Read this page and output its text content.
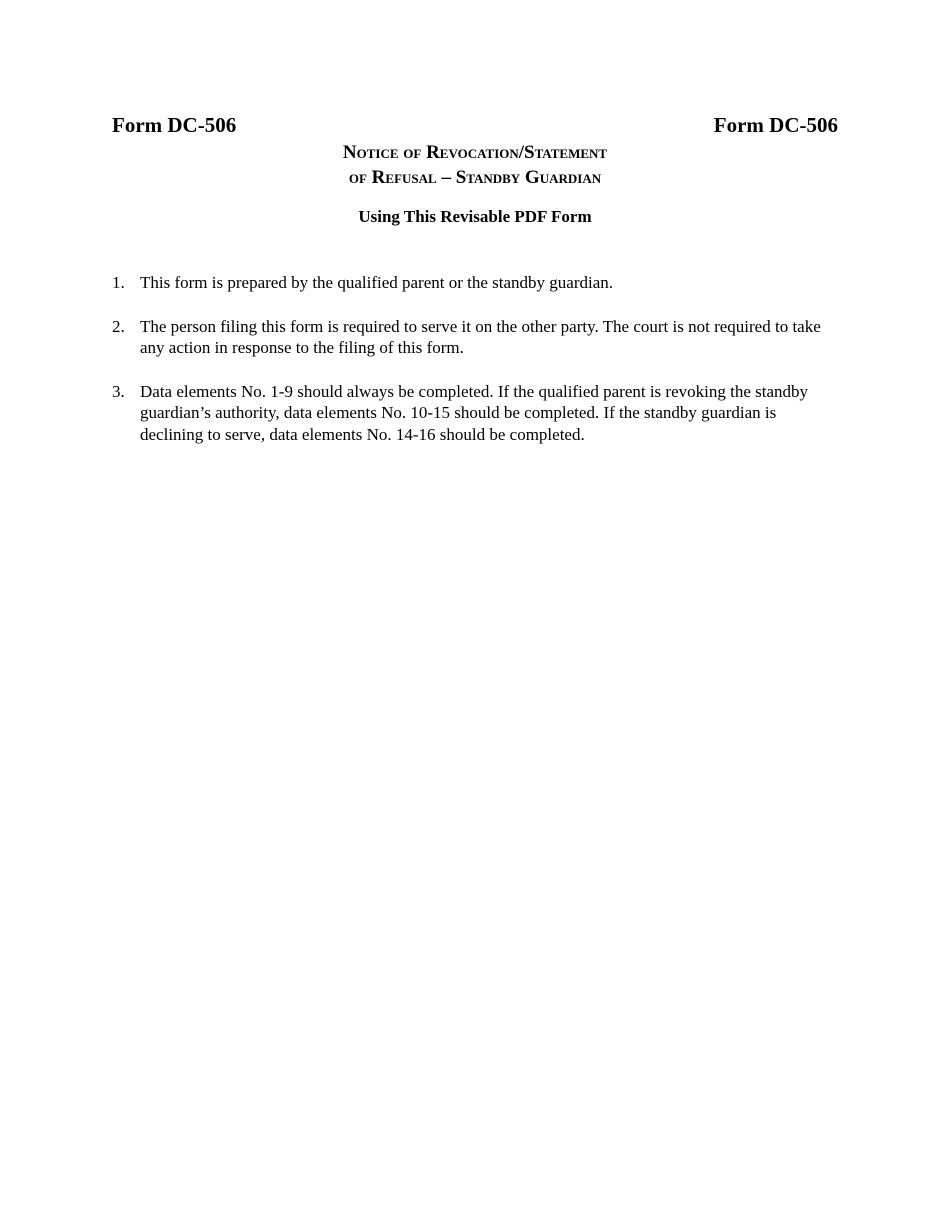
Form DC-506	Form DC-506
Notice of Revocation/Statement
of Refusal – Standby Guardian
Using This Revisable PDF Form
1. This form is prepared by the qualified parent or the standby guardian.
2. The person filing this form is required to serve it on the other party. The court is not required to take any action in response to the filing of this form.
3. Data elements No. 1-9 should always be completed. If the qualified parent is revoking the standby guardian’s authority, data elements No. 10-15 should be completed. If the standby guardian is declining to serve, data elements No. 14-16 should be completed.
